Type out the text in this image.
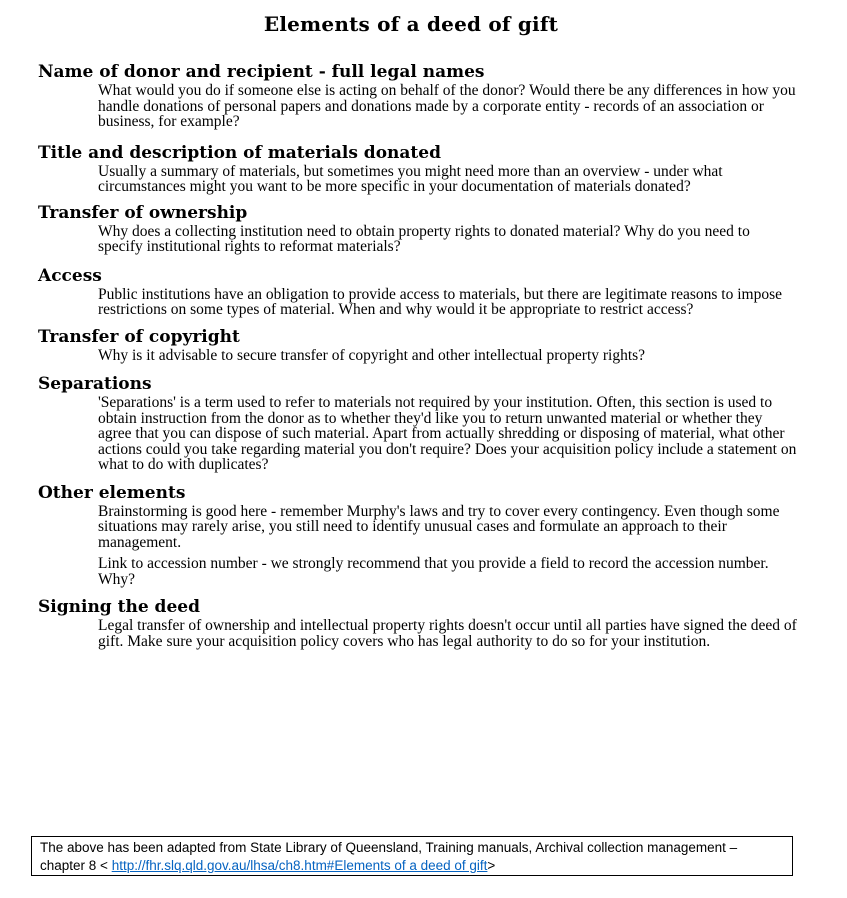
Elements of a deed of gift
Name of donor and recipient - full legal names

What would you do if someone else is acting on behalf of the donor? Would there be any differences in how you handle donations of personal papers and donations made by a corporate entity - records of an association or business, for example?

Title and description of materials donated

Usually a summary of materials, but sometimes you might need more than an overview - under what circumstances might you want to be more specific in your documentation of materials donated?

Transfer of ownership

Why does a collecting institution need to obtain property rights to donated material? Why do you need to specify institutional rights to reformat materials?

Access

Public institutions have an obligation to provide access to materials, but there are legitimate reasons to impose restrictions on some types of material. When and why would it be appropriate to restrict access?

Transfer of copyright

Why is it advisable to secure transfer of copyright and other intellectual property rights?

Separations

'Separations' is a term used to refer to materials not required by your institution. Often, this section is used to obtain instruction from the donor as to whether they'd like you to return unwanted material or whether they agree that you can dispose of such material. Apart from actually shredding or disposing of material, what other actions could you take regarding material you don't require? Does your acquisition policy include a statement on what to do with duplicates?

Other elements

Brainstorming is good here - remember Murphy's laws and try to cover every contingency. Even though some situations may rarely arise, you still need to identify unusual cases and formulate an approach to their management.

Link to accession number - we strongly recommend that you provide a field to record the accession number. Why?

Signing the deed

Legal transfer of ownership and intellectual property rights doesn't occur until all parties have signed the deed of gift. Make sure your acquisition policy covers who has legal authority to do so for your institution.

The above has been adapted from State Library of Queensland, Training manuals, Archival collection management – chapter 8 < http://fhr.slq.qld.gov.au/lhsa/ch8.htm#Elements of a deed of gift>
